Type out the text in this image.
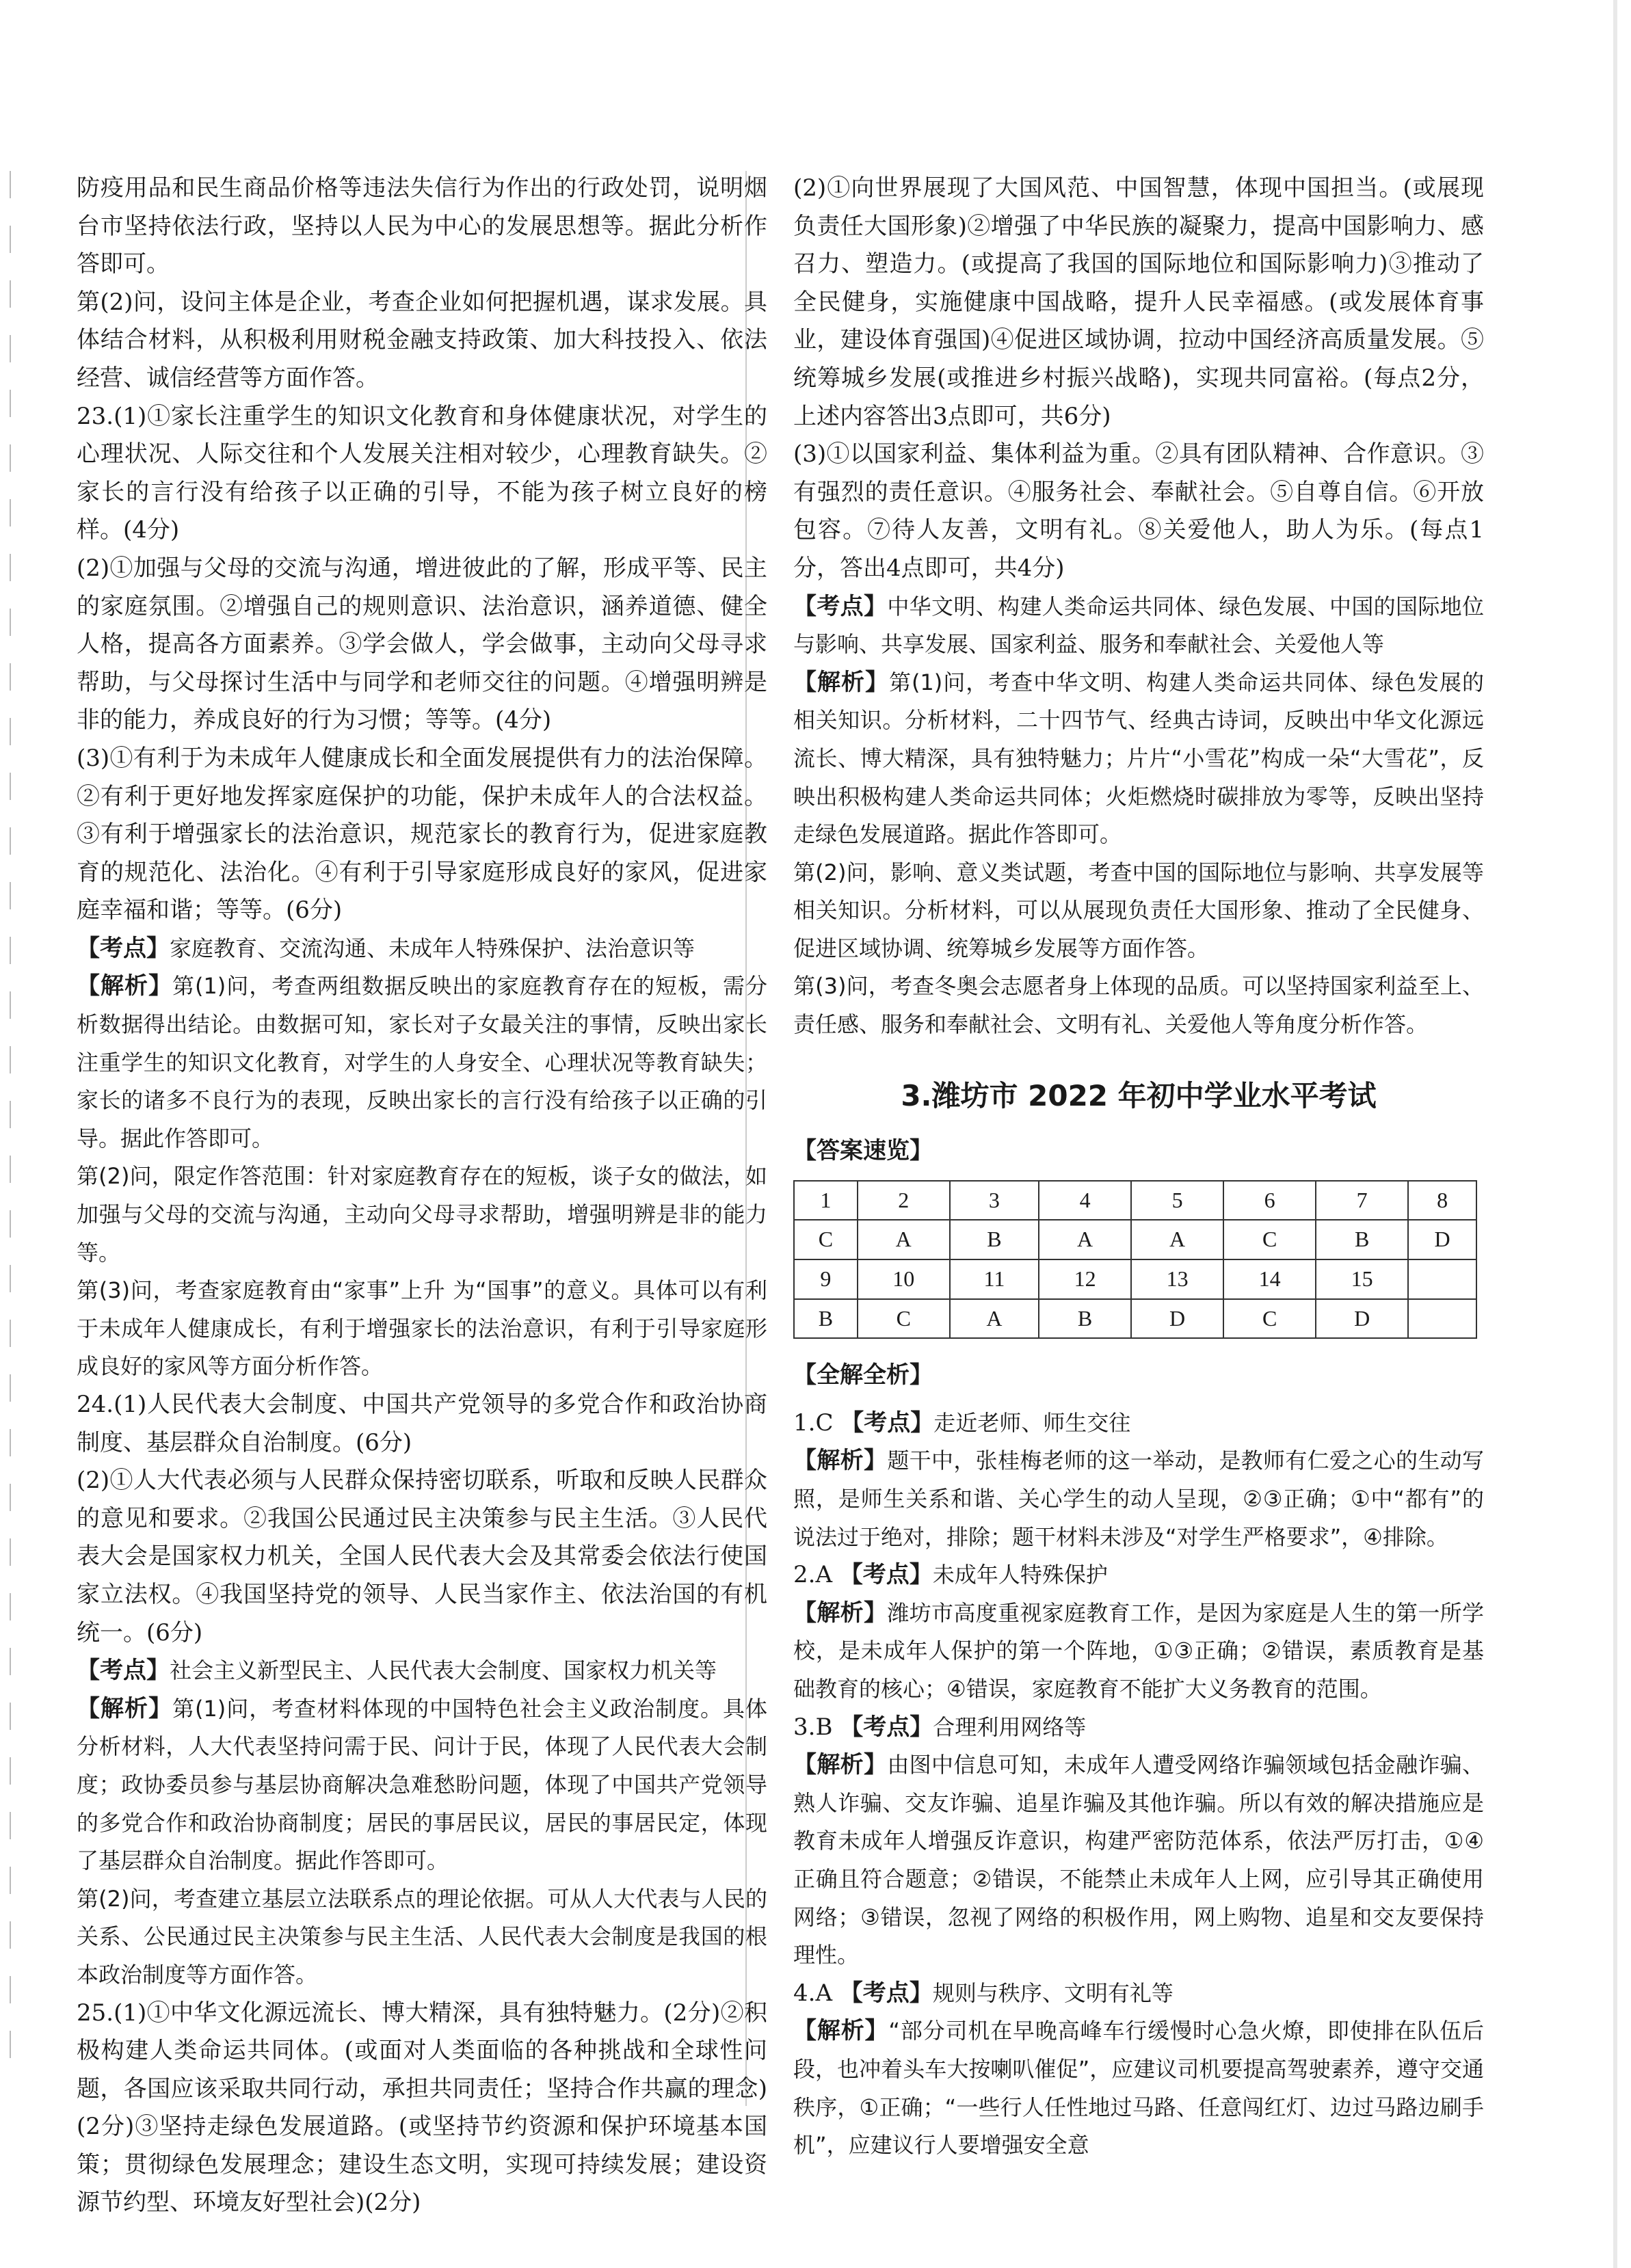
防疫用品和民生商品价格等违法失信行为作出的行政处罚，说明烟台市坚持依法行政，坚持以人民为中心的发展思想等。据此分析作答即可。

第(2)问，设问主体是企业，考查企业如何把握机遇，谋求发展。具体结合材料，从积极利用财税金融支持政策、加大科技投入、依法经营、诚信经营等方面作答。

23.(1)①家长注重学生的知识文化教育和身体健康状况，对学生的心理状况、人际交往和个人发展关注相对较少，心理教育缺失。②家长的言行没有给孩子以正确的引导，不能为孩子树立良好的榜样。(4分)

(2)①加强与父母的交流与沟通，增进彼此的了解，形成平等、民主的家庭氛围。②增强自己的规则意识、法治意识，涵养道德、健全人格，提高各方面素养。③学会做人，学会做事，主动向父母寻求帮助，与父母探讨生活中与同学和老师交往的问题。④增强明辨是非的能力，养成良好的行为习惯；等等。(4分)

(3)①有利于为未成年人健康成长和全面发展提供有力的法治保障。②有利于更好地发挥家庭保护的功能，保护未成年人的合法权益。③有利于增强家长的法治意识，规范家长的教育行为，促进家庭教育的规范化、法治化。④有利于引导家庭形成良好的家风，促进家庭幸福和谐；等等。(6分)

【考点】家庭教育、交流沟通、未成年人特殊保护、法治意识等

【解析】第(1)问，考查两组数据反映出的家庭教育存在的短板，需分析数据得出结论。由数据可知，家长对子女最关注的事情，反映出家长注重学生的知识文化教育，对学生的人身安全、心理状况等教育缺失；家长的诸多不良行为的表现，反映出家长的言行没有给孩子以正确的引导。据此作答即可。

第(2)问，限定作答范围：针对家庭教育存在的短板，谈子女的做法，如加强与父母的交流与沟通，主动向父母寻求帮助，增强明辨是非的能力等。

第(3)问，考查家庭教育由“家事”上升 为“国事”的意义。具体可以有利于未成年人健康成长，有利于增强家长的法治意识，有利于引导家庭形成良好的家风等方面分析作答。

24.(1)人民代表大会制度、中国共产党领导的多党合作和政治协商制度、基层群众自治制度。(6分)

(2)①人大代表必须与人民群众保持密切联系，听取和反映人民群众的意见和要求。②我国公民通过民主决策参与民主生活。③人民代表大会是国家权力机关，全国人民代表大会及其常委会依法行使国家立法权。④我国坚持党的领导、人民当家作主、依法治国的有机统一。(6分)

【考点】社会主义新型民主、人民代表大会制度、国家权力机关等

【解析】第(1)问，考查材料体现的中国特色社会主义政治制度。具体分析材料，人大代表坚持问需于民、问计于民，体现了人民代表大会制度；政协委员参与基层协商解决急难愁盼问题，体现了中国共产党领导的多党合作和政治协商制度；居民的事居民议，居民的事居民定，体现了基层群众自治制度。据此作答即可。

第(2)问，考查建立基层立法联系点的理论依据。可从人大代表与人民的关系、公民通过民主决策参与民主生活、人民代表大会制度是我国的根本政治制度等方面作答。

25.(1)①中华文化源远流长、博大精深，具有独特魅力。(2分)②积极构建人类命运共同体。(或面对人类面临的各种挑战和全球性问题，各国应该采取共同行动，承担共同责任；坚持合作共赢的理念)(2分)③坚持走绿色发展道路。(或坚持节约资源和保护环境基本国策；贯彻绿色发展理念；建设生态文明，实现可持续发展；建设资源节约型、环境友好型社会)(2分)

(2)①向世界展现了大国风范、中国智慧，体现中国担当。(或展现负责任大国形象)②增强了中华民族的凝聚力，提高中国影响力、感召力、塑造力。(或提高了我国的国际地位和国际影响力)③推动了全民健身，实施健康中国战略，提升人民幸福感。(或发展体育事业，建设体育强国)④促进区域协调，拉动中国经济高质量发展。⑤统筹城乡发展(或推进乡村振兴战略)，实现共同富裕。(每点2分，上述内容答出3点即可，共6分)

(3)①以国家利益、集体利益为重。②具有团队精神、合作意识。③有强烈的责任意识。④服务社会、奉献社会。⑤自尊自信。⑥开放包容。⑦待人友善，文明有礼。⑧关爱他人，助人为乐。(每点1分，答出4点即可，共4分)

【考点】中华文明、构建人类命运共同体、绿色发展、中国的国际地位与影响、共享发展、国家利益、服务和奉献社会、关爱他人等

【解析】第(1)问，考查中华文明、构建人类命运共同体、绿色发展的相关知识。分析材料，二十四节气、经典古诗词，反映出中华文化源远流长、博大精深，具有独特魅力；片片“小雪花”构成一朵“大雪花”，反映出积极构建人类命运共同体；火炬燃烧时碳排放为零等，反映出坚持走绿色发展道路。据此作答即可。

第(2)问，影响、意义类试题，考查中国的国际地位与影响、共享发展等相关知识。分析材料，可以从展现负责任大国形象、推动了全民健身、促进区域协调、统筹城乡发展等方面作答。

第(3)问，考查冬奥会志愿者身上体现的品质。可以坚持国家利益至上、责任感、服务和奉献社会、文明有礼、关爱他人等角度分析作答。

3.潍坊市 2022 年初中学业水平考试
【答案速览】
1	2	3	4	5	6	7	8
C	A	B	A	A	C	B	D
9	10	11	12	13	14	15	
B	C	A	B	D	C	D	
【全解全析】

1.C 【考点】走近老师、师生交往

【解析】题干中，张桂梅老师的这一举动，是教师有仁爱之心的生动写照，是师生关系和谐、关心学生的动人呈现，②③正确；①中“都有”的说法过于绝对，排除；题干材料未涉及“对学生严格要求”，④排除。

2.A 【考点】未成年人特殊保护

【解析】潍坊市高度重视家庭教育工作，是因为家庭是人生的第一所学校，是未成年人保护的第一个阵地，①③正确；②错误，素质教育是基础教育的核心；④错误，家庭教育不能扩大义务教育的范围。

3.B 【考点】合理利用网络等

【解析】由图中信息可知，未成年人遭受网络诈骗领域包括金融诈骗、熟人诈骗、交友诈骗、追星诈骗及其他诈骗。所以有效的解决措施应是教育未成年人增强反诈意识，构建严密防范体系，依法严厉打击，①④正确且符合题意；②错误，不能禁止未成年人上网，应引导其正确使用网络；③错误，忽视了网络的积极作用，网上购物、追星和交友要保持理性。

4.A 【考点】规则与秩序、文明有礼等

【解析】“部分司机在早晚高峰车行缓慢时心急火燎，即使排在队伍后段，也冲着头车大按喇叭催促”，应建议司机要提高驾驶素养，遵守交通秩序，①正确；“一些行人任性地过马路、任意闯红灯、边过马路边刷手机”，应建议行人要增强安全意
